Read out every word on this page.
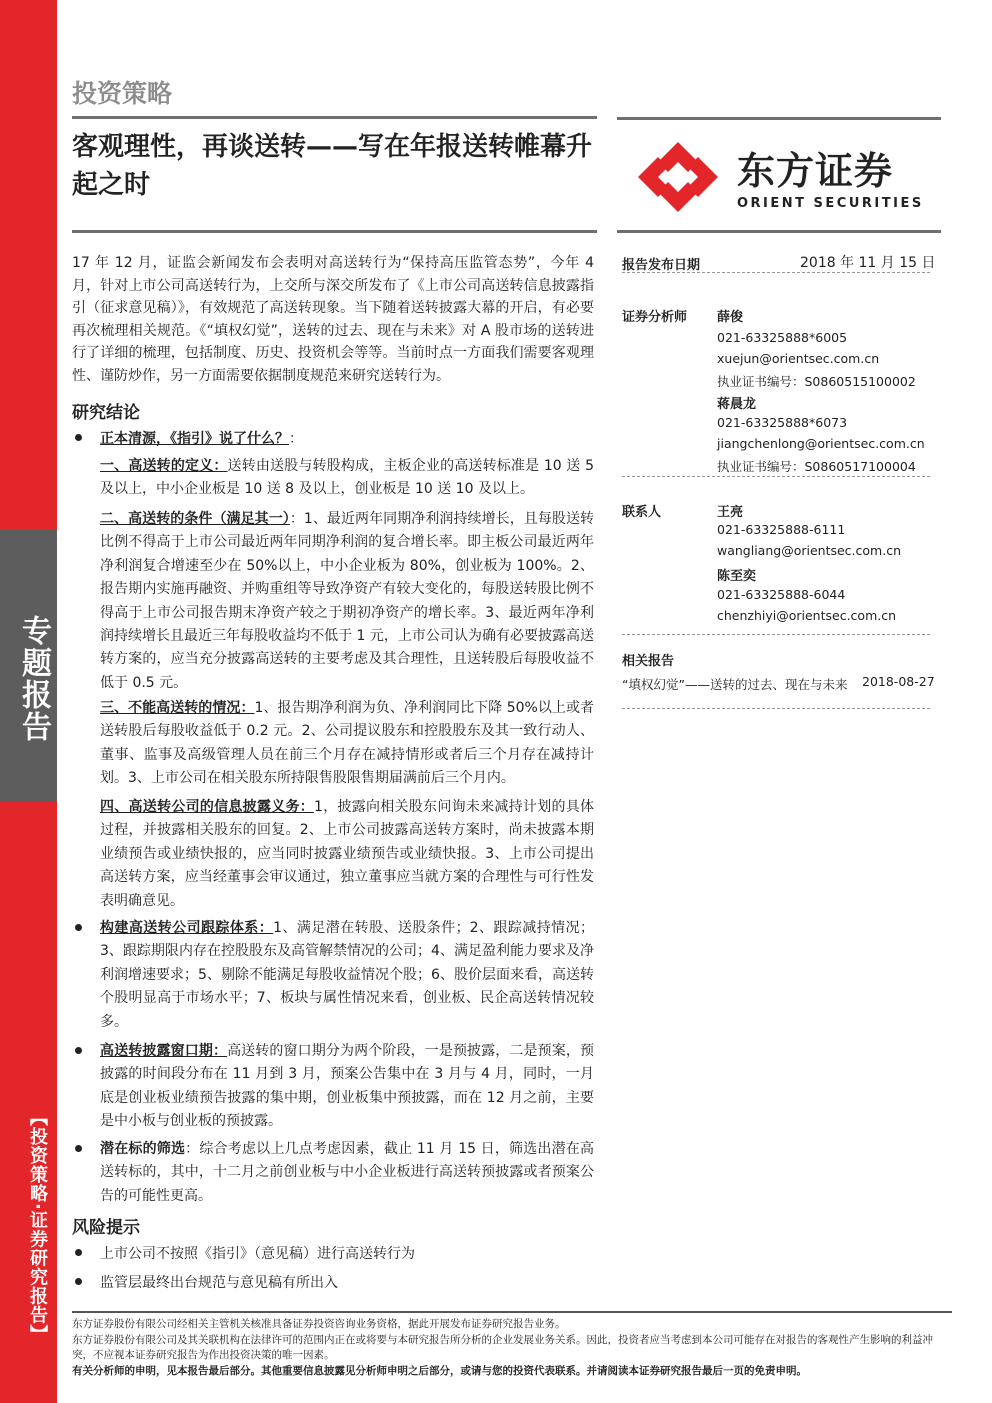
专题报告
【投资策略·证券研究报告】
投资策略
客观理性，再谈送转——写在年报送转帷幕升起之时	东方证券
ORIENT SECURITIES
17 年 12 月，证监会新闻发布会表明对高送转行为“保持高压监管态势”，今年 4 月，针对上市公司高送转行为，上交所与深交所发布了《上市公司高送转信息披露指引（征求意见稿）》，有效规范了高送转现象。当下随着送转披露大幕的开启，有必要再次梳理相关规范。《“填权幻觉”，送转的过去、现在与未来》对 A 股市场的送转进行了详细的梳理，包括制度、历史、投资机会等等。当前时点一方面我们需要客观理性、谨防炒作，另一方面需要依据制度规范来研究送转行为。
研究结论
正本清源，《指引》说了什么？：
一、高送转的定义：送转由送股与转股构成，主板企业的高送转标准是 10 送 5 及以上，中小企业板是 10 送 8 及以上，创业板是 10 送 10 及以上。
二、高送转的条件（满足其一）：1、最近两年同期净利润持续增长，且每股送转比例不得高于上市公司最近两年同期净利润的复合增长率。即主板公司最近两年净利润复合增速至少在 50%以上，中小企业板为 80%，创业板为 100%。2、报告期内实施再融资、并购重组等导致净资产有较大变化的，每股送转股比例不得高于上市公司报告期末净资产较之于期初净资产的增长率。3、最近两年净利润持续增长且最近三年每股收益均不低于 1 元，上市公司认为确有必要披露高送转方案的，应当充分披露高送转的主要考虑及其合理性，且送转股后每股收益不低于 0.5 元。
三、不能高送转的情况：1、报告期净利润为负、净利润同比下降 50%以上或者送转股后每股收益低于 0.2 元。2、公司提议股东和控股股东及其一致行动人、董事、监事及高级管理人员在前三个月存在减持情形或者后三个月存在减持计划。3、上市公司在相关股东所持限售股限售期届满前后三个月内。
四、高送转公司的信息披露义务：1，披露向相关股东问询未来减持计划的具体过程，并披露相关股东的回复。2、上市公司披露高送转方案时，尚未披露本期业绩预告或业绩快报的，应当同时披露业绩预告或业绩快报。3、上市公司提出高送转方案，应当经董事会审议通过，独立董事应当就方案的合理性与可行性发表明确意见。
构建高送转公司跟踪体系：1、满足潜在转股、送股条件；2、跟踪减持情况；3、跟踪期限内存在控股股东及高管解禁情况的公司；4、满足盈利能力要求及净利润增速要求；5、剔除不能满足每股收益情况个股；6、股价层面来看，高送转个股明显高于市场水平；7、板块与属性情况来看，创业板、民企高送转情况较多。
高送转披露窗口期：高送转的窗口期分为两个阶段，一是预披露，二是预案，预披露的时间段分布在 11 月到 3 月，预案公告集中在 3 月与 4 月，同时，一月底是创业板业绩预告披露的集中期，创业板集中预披露，而在 12 月之前，主要是中小板与创业板的预披露。
潜在标的筛选：综合考虑以上几点考虑因素，截止 11 月 15 日，筛选出潜在高送转标的，其中，十二月之前创业板与中小企业板进行高送转预披露或者预案公告的可能性更高。
风险提示
上市公司不按照《指引》（意见稿）进行高送转行为
监管层最终出台规范与意见稿有所出入
报告发布日期	2018 年 11 月 15 日
证券分析师 薛俊
021-63325888*6005
xuejun@orientsec.com.cn
执业证书编号：S0860515100002
蒋晨龙
021-63325888*6073
jiangchenlong@orientsec.com.cn
执业证书编号：S0860517100004
联系人	王亮
021-63325888-6111
wangliang@orientsec.com.cn
陈至奕
021-63325888-6044
chenzhiyi@orientsec.com.cn
相关报告
“填权幻觉”——送转的过去、现在与未来 2018-08-27
东方证券股份有限公司经相关主管机关核准具备证券投资咨询业务资格，据此开展发布证券研究报告业务。
东方证券股份有限公司及其关联机构在法律许可的范围内正在或将要与本研究报告所分析的企业发展业务关系。因此，投资者应当考虑到本公司可能存在对报告的客观性产生影响的利益冲突，不应视本证券研究报告为作出投资决策的唯一因素。
有关分析师的申明，见本报告最后部分。其他重要信息披露见分析师申明之后部分，或请与您的投资代表联系。并请阅读本证券研究报告最后一页的免责申明。
